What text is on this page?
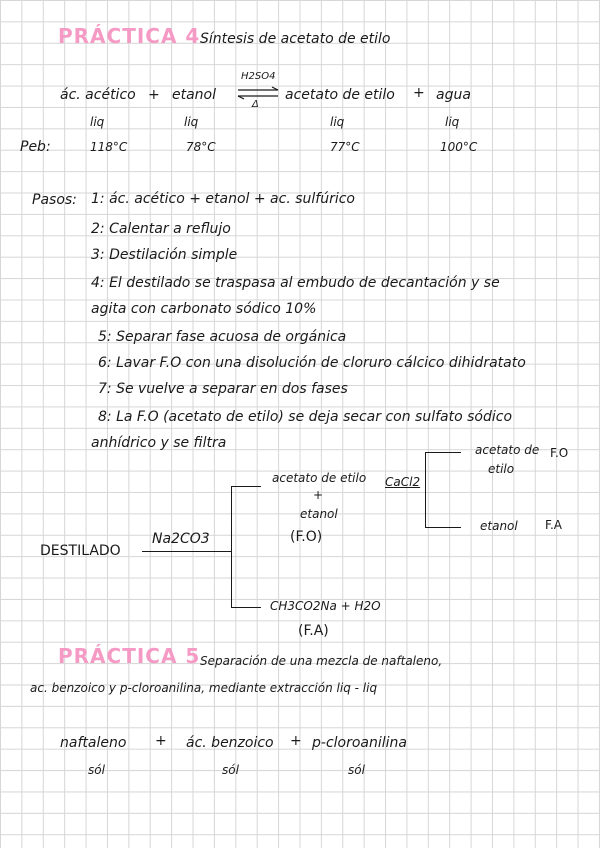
PRÁCTICA 4 Síntesis de acetato de etilo
ác. acético + etanol
H2SO4
Δ
acetato de etilo + agua
liq	liq	liq	liq
Peb:	118°C	78°C	77°C	100°C
Pasos: 1: ác. acético + etanol + ac. sulfúrico
2: Calentar a reflujo
3: Destilación simple
4: El destilado se traspasa al embudo de decantación y se
agita con carbonato sódico 10%
5: Separar fase acuosa de orgánica
6: Lavar F.O con una disolución de cloruro cálcico dihidratato
7: Se vuelve a separar en dos fases
8: La F.O (acetato de etilo) se deja secar con sulfato sódico
anhídrico y se filtra
DESTILADO
Na2CO3
acetato de etilo
+
etanol
(F.O)
CH3CO2Na + H2O
(F.A)
CaCl2
acetato de
etilo
F.O
etanol F.A
PRÁCTICA 5 Separación de una mezcla de naftaleno,
ac. benzoico y p-cloroanilina, mediante extracción liq - liq
naftaleno + ác. benzoico + p-cloroanilina
sól	sól	sól
